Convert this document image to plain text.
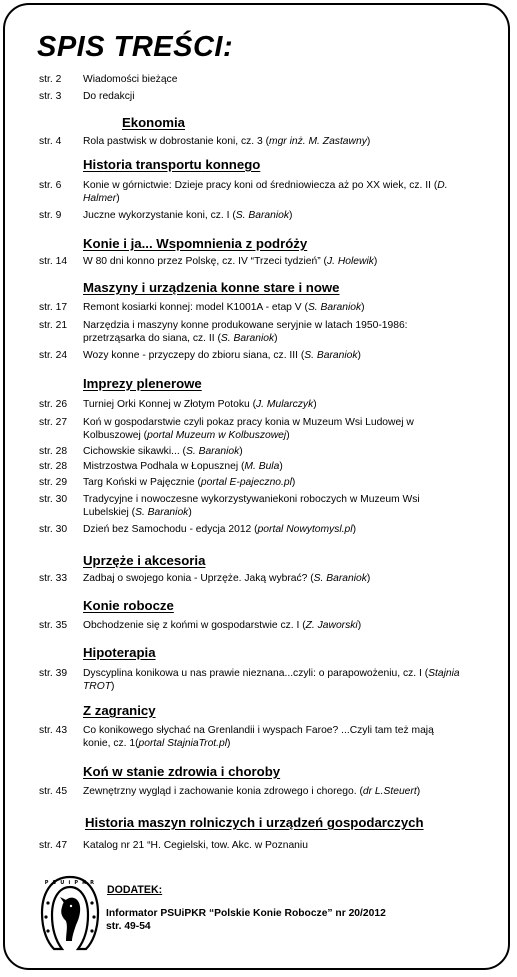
SPIS TREŚCI:
str. 2 Wiadomości bieżące
str. 3 Do redakcji
Ekonomia
str. 4 Rola pastwisk w dobrostanie koni, cz. 3 (mgr inż. M. Zastawny)
Historia transportu konnego
str. 6 Konie w górnictwie: Dzieje pracy koni od średniowiecza aż po XX wiek, cz. II (D. Halmer)
str. 9 Juczne wykorzystanie koni, cz. I (S. Baraniok)
Konie i ja... Wspomnienia z podróży
str. 14 W 80 dni konno przez Polskę, cz. IV “Trzeci tydzień” (J. Holewik)
Maszyny i urządzenia konne stare i nowe
str. 17 Remont kosiarki konnej: model K1001A - etap V (S. Baraniok)
str. 21 Narzędzia i maszyny konne produkowane seryjnie w latach 1950-1986: przetrząsarka do siana, cz. II (S. Baraniok)
str. 24 Wozy konne - przyczepy do zbioru siana, cz. III (S. Baraniok)
Imprezy plenerowe
str. 26 Turniej Orki Konnej w Złotym Potoku (J. Mularczyk)
str. 27 Koń w gospodarstwie czyli pokaz pracy konia w Muzeum Wsi Ludowej w Kolbuszowej (portal Muzeum w Kolbuszowej)
str. 28 Cichowskie sikawki... (S. Baraniok)
str. 28 Mistrzostwa Podhala w Łopusznej (M. Bula)
str. 29 Targ Koński w Pajęcznie (portal E-pajeczno.pl)
str. 30 Tradycyjne i nowoczesne wykorzystywaniekoni roboczych w Muzeum Wsi Lubelskiej (S. Baraniok)
str. 30 Dzień bez Samochodu - edycja 2012 (portal Nowytomysl.pl)
Uprzęże i akcesoria
str. 33 Zadbaj o swojego konia - Uprzęże. Jaką wybrać? (S. Baraniok)
Konie robocze
str. 35 Obchodzenie się z końmi w gospodarstwie cz. I (Z. Jaworski)
Hipoterapia
str. 39 Dyscyplina konikowa u nas prawie nieznana...czyli: o parapowożeniu, cz. I (Stajnia TROT)
Z zagranicy
str. 43 Co konikowego słychać na Grenlandii i wyspach Faroe? ...Czyli tam też mają konie, cz. 1(portal StajniaTrot.pl)
Koń w stanie zdrowia i choroby
str. 45 Zewnętrzny wygląd i zachowanie konia zdrowego i chorego. (dr L.Steuert)
Historia maszyn rolniczych i urządzeń gospodarczych
str. 47 Katalog nr 21 “H. Cegielski, tow. Akc. w Poznaniu
P S U i P K R
DODATEK:
Informator PSUiPKR “Polskie Konie Robocze” nr 20/2012
str. 49-54
